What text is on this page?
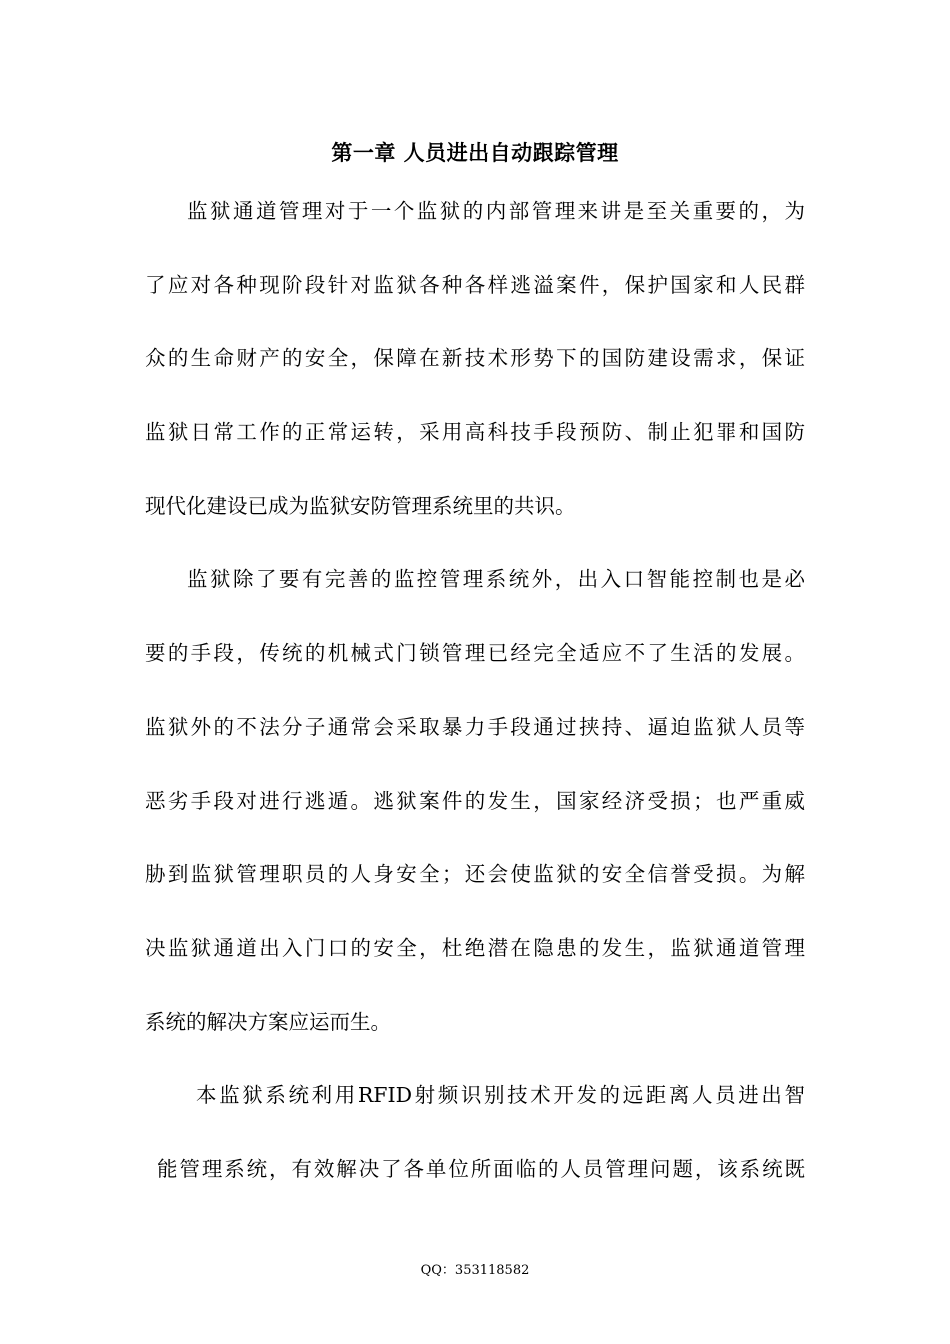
第一章 人员进出自动跟踪管理
监狱通道管理对于一个监狱的内部管理来讲是至关重要的，为
了应对各种现阶段针对监狱各种各样逃溢案件，保护国家和人民群
众的生命财产的安全，保障在新技术形势下的国防建设需求，保证
监狱日常工作的正常运转，采用高科技手段预防、制止犯罪和国防
现代化建设已成为监狱安防管理系统里的共识。
监狱除了要有完善的监控管理系统外，出入口智能控制也是必
要的手段，传统的机械式门锁管理已经完全适应不了生活的发展。
监狱外的不法分子通常会采取暴力手段通过挟持、逼迫监狱人员等
恶劣手段对进行逃遁。逃狱案件的发生，国家经济受损；也严重威
胁到监狱管理职员的人身安全；还会使监狱的安全信誉受损。为解
决监狱通道出入门口的安全，杜绝潜在隐患的发生，监狱通道管理
系统的解决方案应运而生。
本监狱系统利用RFID射频识别技术开发的远距离人员进出智
能管理系统，有效解决了各单位所面临的人员管理问题，该系统既
QQ：353118582
